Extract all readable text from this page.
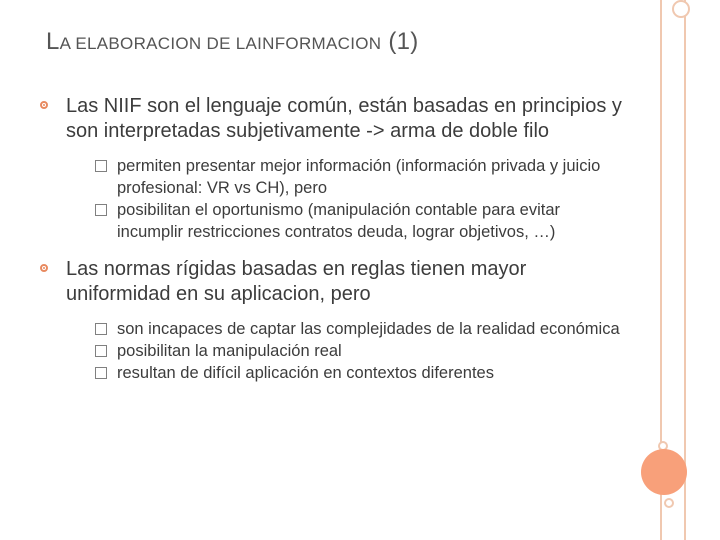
LA ELABORACION DE LAINFORMACION (1)
Las NIIF son el lenguaje común, están basadas en principios y son interpretadas subjetivamente -> arma de doble filo
permiten presentar mejor información (información privada y juicio profesional: VR vs CH), pero
posibilitan el oportunismo (manipulación contable para evitar incumplir restricciones contratos deuda, lograr objetivos, …)
Las normas rígidas basadas en reglas tienen mayor uniformidad en su aplicacion, pero
son incapaces de captar las complejidades de la realidad económica
posibilitan la manipulación real
resultan de difícil aplicación en contextos diferentes
